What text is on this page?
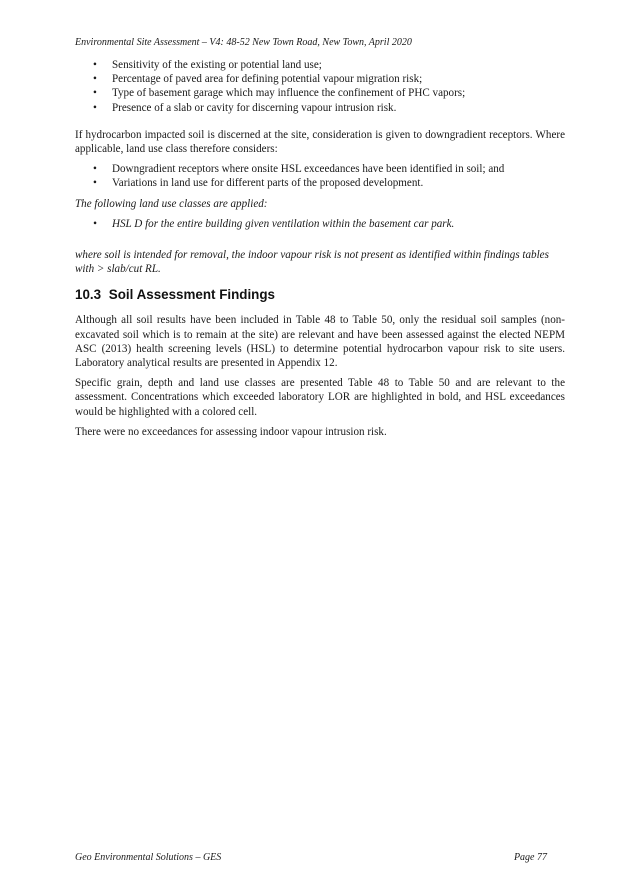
Environmental Site Assessment – V4: 48-52 New Town Road, New Town, April 2020
• Sensitivity of the existing or potential land use;
• Percentage of paved area for defining potential vapour migration risk;
• Type of basement garage which may influence the confinement of PHC vapors;
• Presence of a slab or cavity for discerning vapour intrusion risk.

If hydrocarbon impacted soil is discerned at the site, consideration is given to downgradient receptors. Where applicable, land use class therefore considers:

• Downgradient receptors where onsite HSL exceedances have been identified in soil; and
• Variations in land use for different parts of the proposed development.

The following land use classes are applied:

• HSL D for the entire building given ventilation within the basement car park.

where soil is intended for removal, the indoor vapour risk is not present as identified within findings tables with > slab/cut RL.

10.3 Soil Assessment Findings

Although all soil results have been included in Table 48 to Table 50, only the residual soil samples (non-excavated soil which is to remain at the site) are relevant and have been assessed against the elected NEPM ASC (2013) health screening levels (HSL) to determine potential hydrocarbon vapour risk to site users. Laboratory analytical results are presented in Appendix 12.

Specific grain, depth and land use classes are presented Table 48 to Table 50 and are relevant to the assessment. Concentrations which exceeded laboratory LOR are highlighted in bold, and HSL exceedances would be highlighted with a colored cell.

There were no exceedances for assessing indoor vapour intrusion risk.

Geo Environmental Solutions – GES	Page 77
